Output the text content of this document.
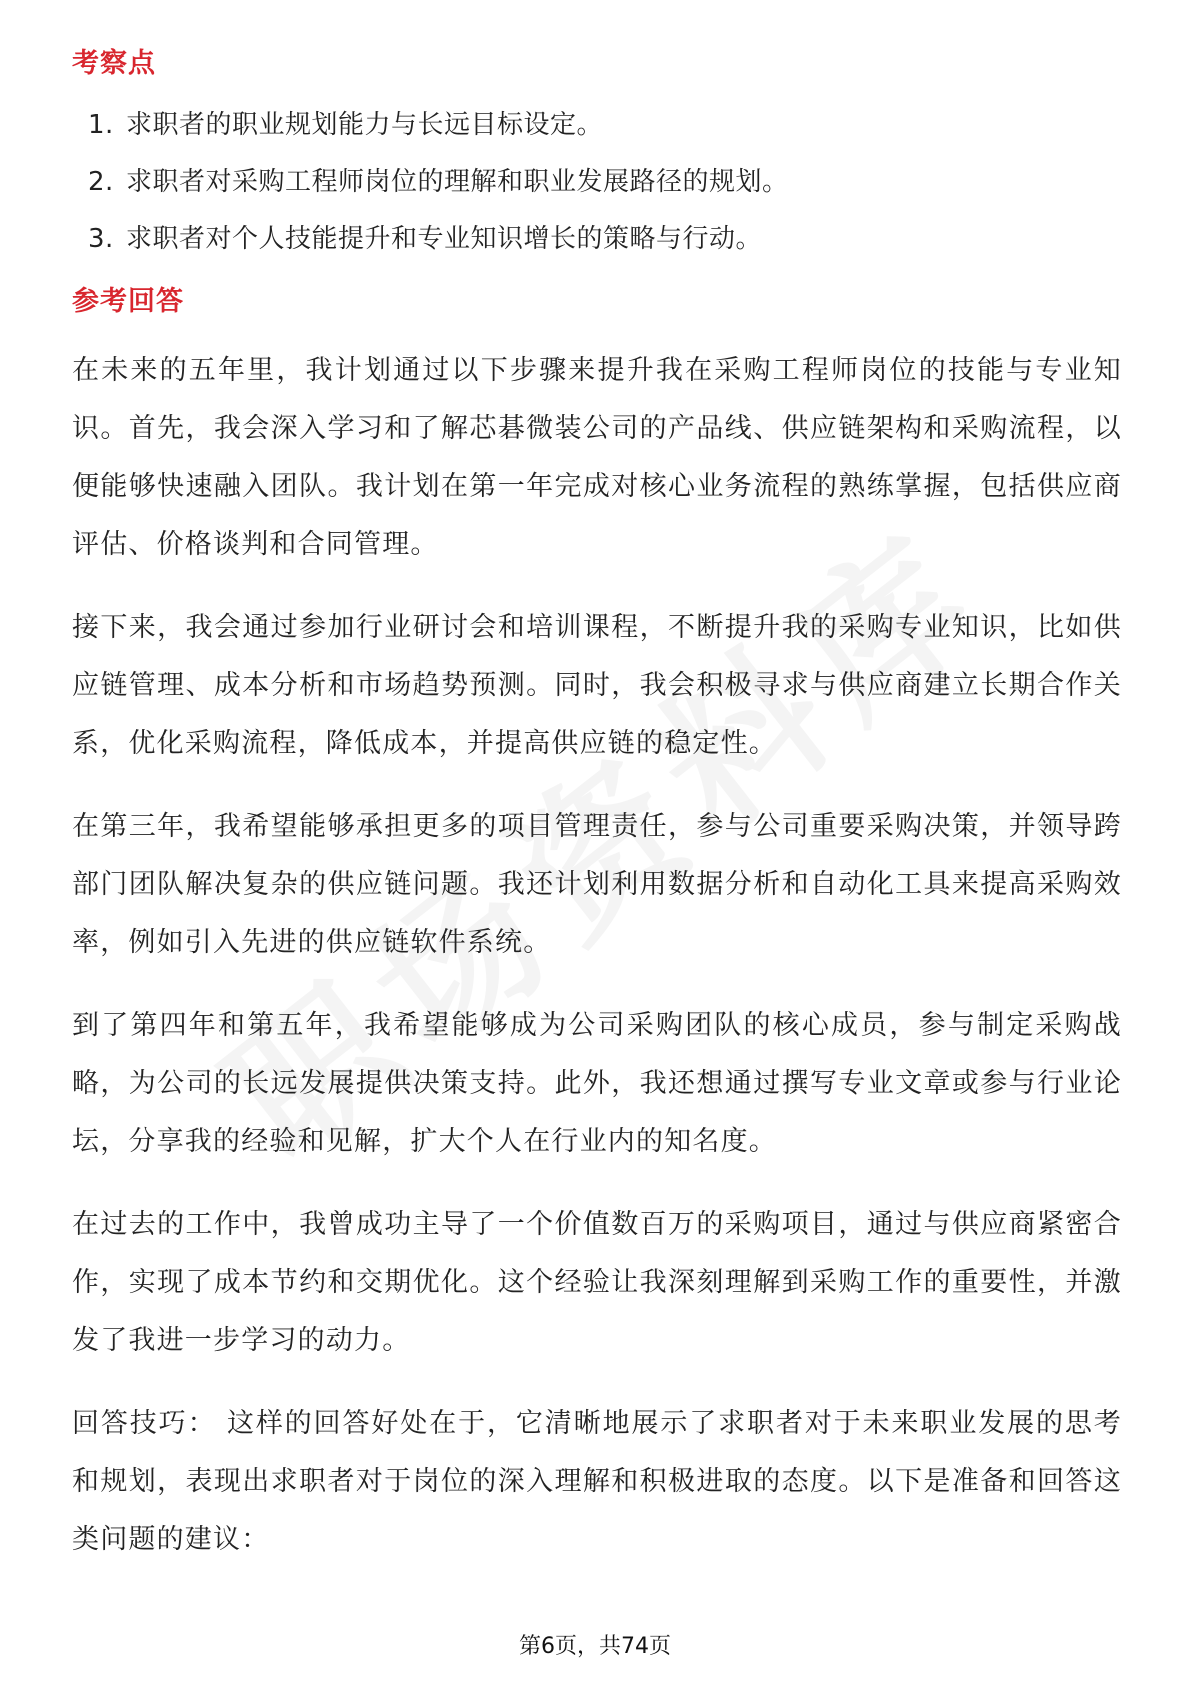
考察点
1. 求职者的职业规划能力与长远目标设定。
2. 求职者对采购工程师岗位的理解和职业发展路径的规划。
3. 求职者对个人技能提升和专业知识增长的策略与行动。
参考回答

在未来的五年里，我计划通过以下步骤来提升我在采购工程师岗位的技能与专业知识。首先，我会深入学习和了解芯碁微装公司的产品线、供应链架构和采购流程，以便能够快速融入团队。我计划在第一年完成对核心业务流程的熟练掌握，包括供应商评估、价格谈判和合同管理。

接下来，我会通过参加行业研讨会和培训课程，不断提升我的采购专业知识，比如供应链管理、成本分析和市场趋势预测。同时，我会积极寻求与供应商建立长期合作关系，优化采购流程，降低成本，并提高供应链的稳定性。

在第三年，我希望能够承担更多的项目管理责任，参与公司重要采购决策，并领导跨部门团队解决复杂的供应链问题。我还计划利用数据分析和自动化工具来提高采购效率，例如引入先进的供应链软件系统。

到了第四年和第五年，我希望能够成为公司采购团队的核心成员，参与制定采购战略，为公司的长远发展提供决策支持。此外，我还想通过撰写专业文章或参与行业论坛，分享我的经验和见解，扩大个人在行业内的知名度。

在过去的工作中，我曾成功主导了一个价值数百万的采购项目，通过与供应商紧密合作，实现了成本节约和交期优化。这个经验让我深刻理解到采购工作的重要性，并激发了我进一步学习的动力。

回答技巧： 这样的回答好处在于，它清晰地展示了求职者对于未来职业发展的思考和规划，表现出求职者对于岗位的深入理解和积极进取的态度。以下是准备和回答这类问题的建议：

第6页，共74页
